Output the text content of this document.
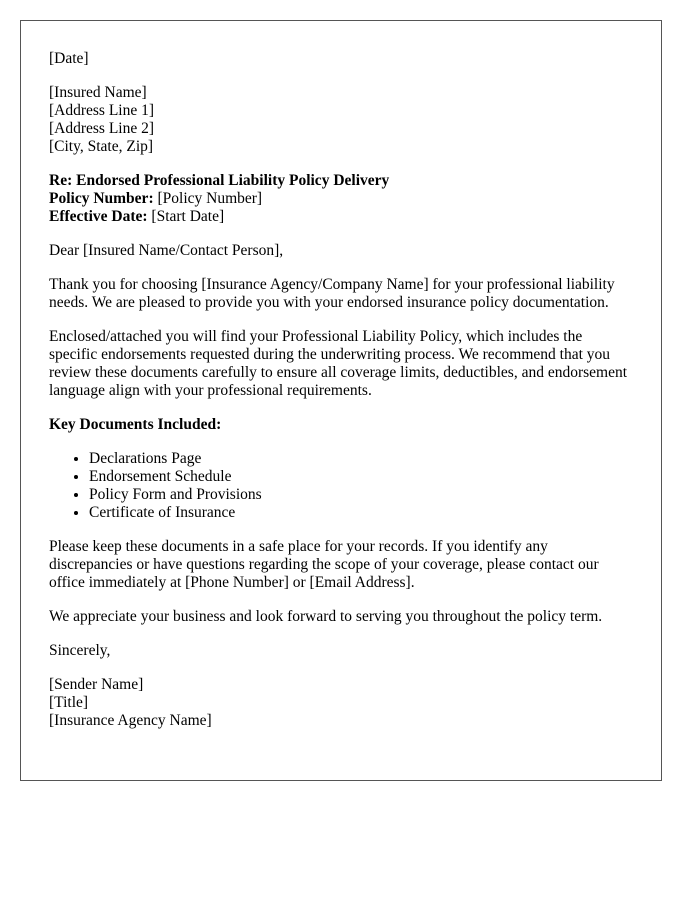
[Date]

[Insured Name]
[Address Line 1]
[Address Line 2]
[City, State, Zip]
Re: Endorsed Professional Liability Policy Delivery
Policy Number: [Policy Number]
Effective Date: [Start Date]

Dear [Insured Name/Contact Person],

Thank you for choosing [Insurance Agency/Company Name] for your professional liability needs. We are pleased to provide you with your endorsed insurance policy documentation.

Enclosed/attached you will find your Professional Liability Policy, which includes the specific endorsements requested during the underwriting process. We recommend that you review these documents carefully to ensure all coverage limits, deductibles, and endorsement language align with your professional requirements.

Key Documents Included:
• Declarations Page
• Endorsement Schedule
• Policy Form and Provisions
• Certificate of Insurance

Please keep these documents in a safe place for your records. If you identify any discrepancies or have questions regarding the scope of your coverage, please contact our office immediately at [Phone Number] or [Email Address].

We appreciate your business and look forward to serving you throughout the policy term.

Sincerely,

[Sender Name]
[Title]
[Insurance Agency Name]
